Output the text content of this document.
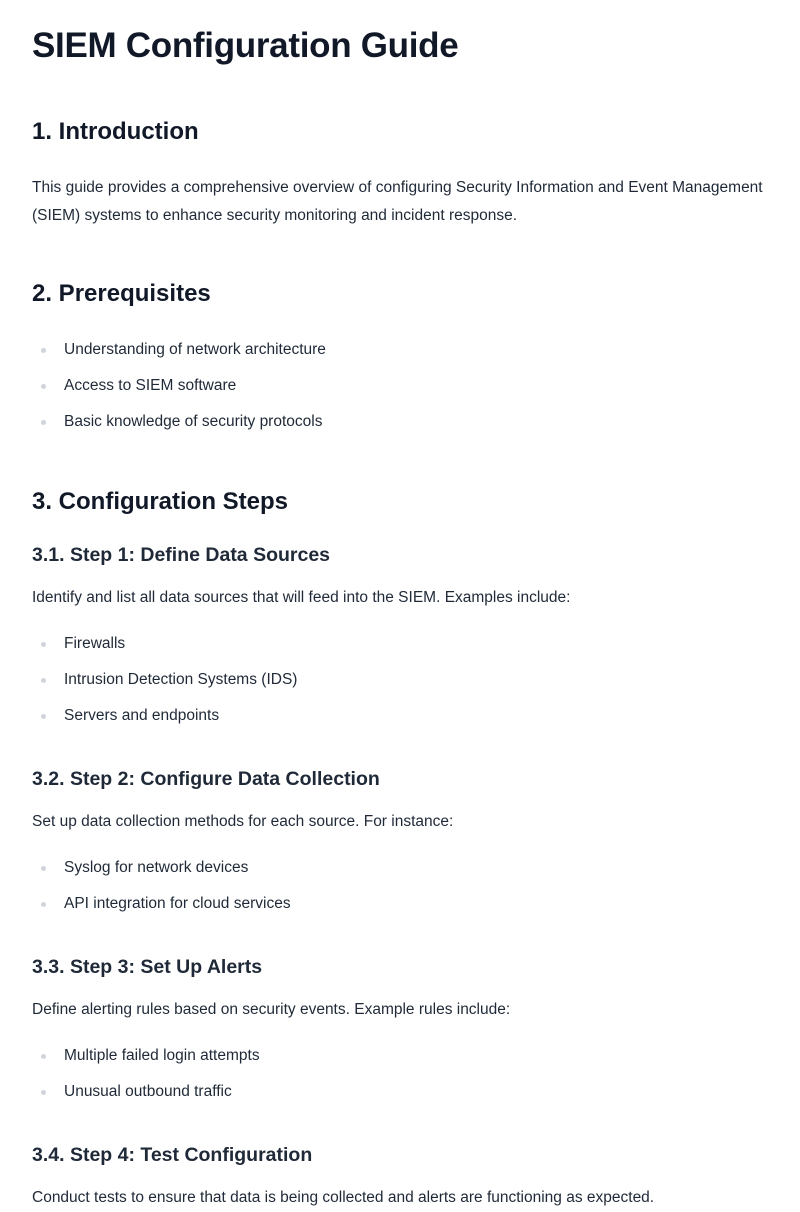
SIEM Configuration Guide
1. Introduction

This guide provides a comprehensive overview of configuring Security Information and Event Management (SIEM) systems to enhance security monitoring and incident response.

2. Prerequisites
Understanding of network architecture
Access to SIEM software
Basic knowledge of security protocols
3. Configuration Steps
3.1. Step 1: Define Data Sources

Identify and list all data sources that will feed into the SIEM. Examples include:

Firewalls
Intrusion Detection Systems (IDS)
Servers and endpoints
3.2. Step 2: Configure Data Collection

Set up data collection methods for each source. For instance:

Syslog for network devices
API integration for cloud services
3.3. Step 3: Set Up Alerts

Define alerting rules based on security events. Example rules include:

Multiple failed login attempts
Unusual outbound traffic
3.4. Step 4: Test Configuration

Conduct tests to ensure that data is being collected and alerts are functioning as expected.
